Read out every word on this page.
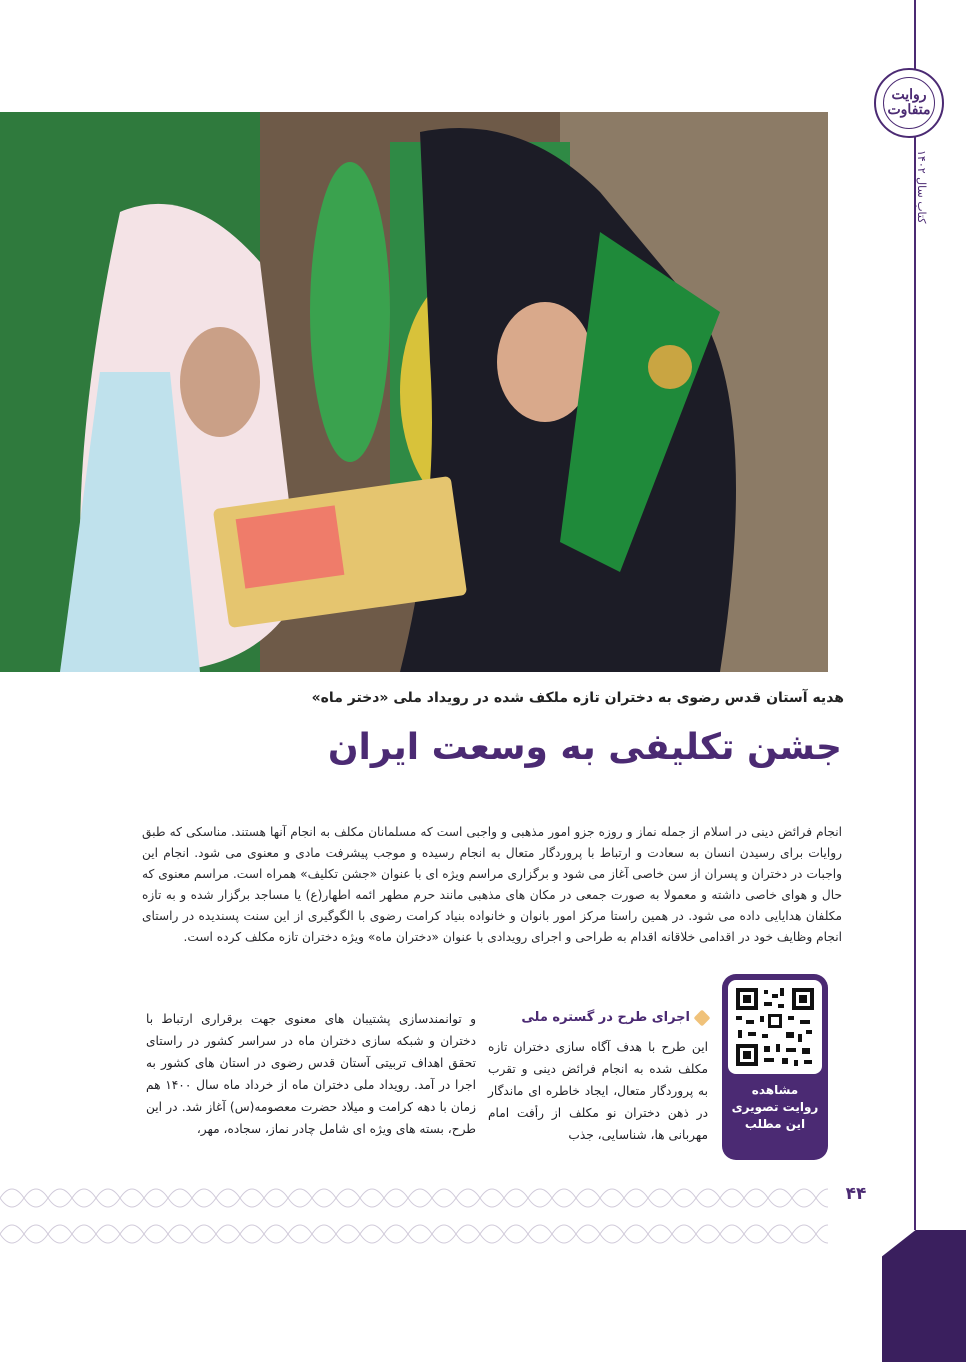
روایت متفاوت
کتاب سال ۱۴۰۲
هدیه آستان قدس رضوی به دختران تازه ملکف شده در رویداد ملی «دختر ماه»
جشن تکلیفی به وسعت ایران
انجام فرائض دینی در اسلام از جمله نماز و روزه جزو امور مذهبی و واجبی است که مسلمانان مکلف به انجام آنها هستند. مناسکی که طبق روایات برای رسیدن انسان به سعادت و ارتباط با پروردگار متعال به انجام رسیده و موجب پیشرفت مادی و معنوی می شود. انجام این واجبات در دختران و پسران از سن خاصی آغاز می شود و برگزاری مراسم ویژه ای با عنوان «جشن تکلیف» همراه است. مراسم معنوی که حال و هوای خاصی داشته و معمولا به صورت جمعی در مکان های مذهبی مانند حرم مطهر ائمه اطهار(ع) یا مساجد برگزار شده و به تازه مکلفان هدایایی داده می شود. در همین راستا مرکز امور بانوان و خانواده بنیاد کرامت رضوی با الگوگیری از این سنت پسندیده در راستای انجام وظایف خود در اقدامی خلاقانه اقدام به طراحی و اجرای رویدادی با عنوان «دختران ماه» ویژه دختران تازه مکلف کرده است.
مشاهده
روایت تصویری
این مطلب
اجرای طرح در گستره ملی
این طرح با هدف آگاه سازی دختران تازه مکلف شده به انجام فرائض دینی و تقرب به پروردگار متعال، ایجاد خاطره ای ماندگار در ذهن دختران نو مکلف از رأفت امام مهربانی ها، شناسایی، جذب
و توانمندسازی پشتیبان های معنوی جهت برقراری ارتباط با دختران و شبکه سازی دختران ماه در سراسر کشور در راستای تحقق اهداف تربیتی آستان قدس رضوی در استان های کشور به اجرا در آمد. رویداد ملی دختران ماه از خرداد ماه سال ۱۴۰۰ هم زمان با دهه کرامت و میلاد حضرت معصومه(س) آغاز شد. در این طرح، بسته های ویژه ای شامل چادر نماز، سجاده، مهر،
۴۴
